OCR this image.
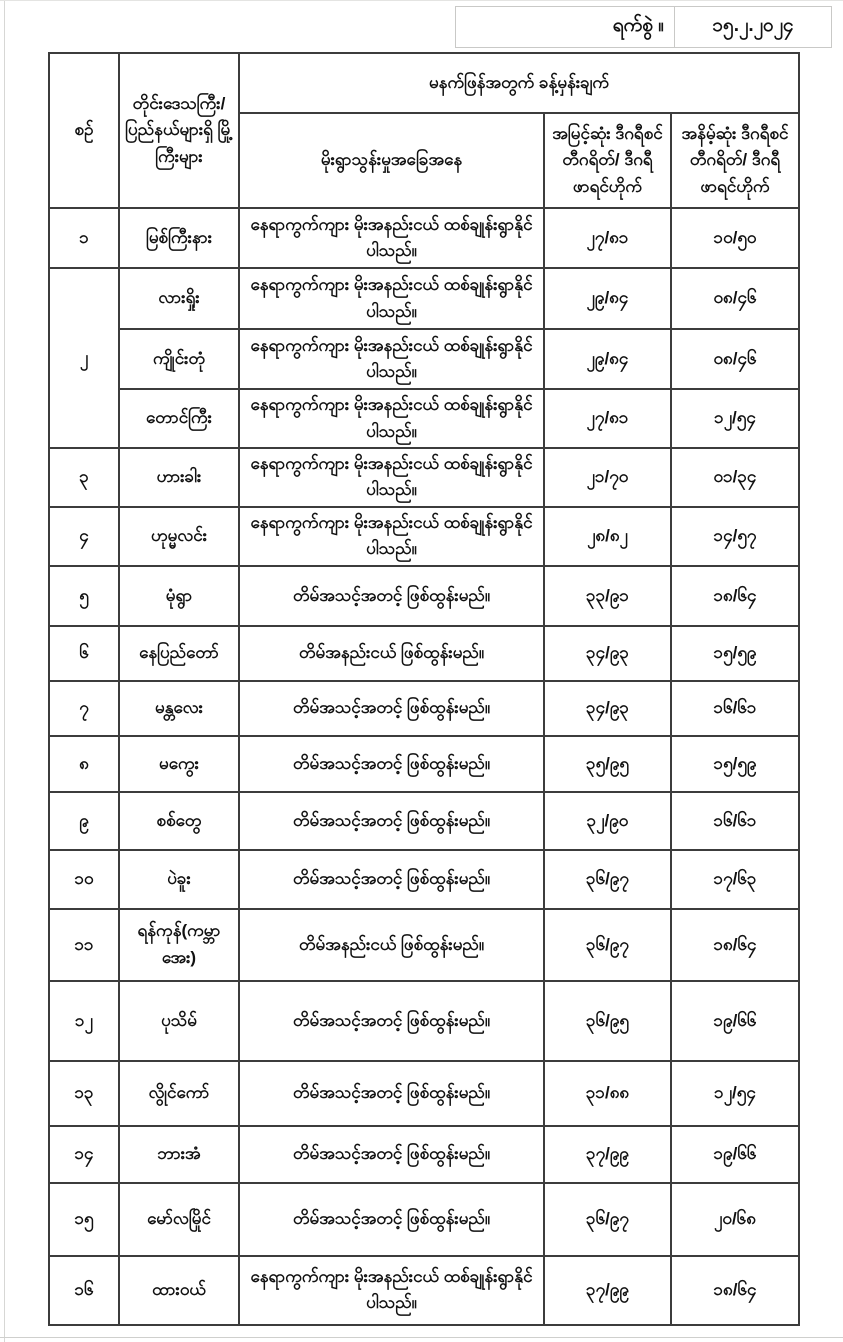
ရက်စွဲ ။	၁၅.၂.၂၀၂၄
စဉ်	တိုင်းဒေသကြီး/ ပြည်နယ်များရှိ မြို့ကြီးများ	မနက်ဖြန်အတွက် ခန့်မှန်းချက်		
		မိုးရွာသွန်းမှုအခြေအနေ	အမြင့်ဆုံး ဒီဂရီစင်တီဂရိတ်/ ဒီဂရီဖာရင်ဟိုက်	အနိမ့်ဆုံး ဒီဂရီစင်တီဂရိတ်/ ဒီဂရီဖာရင်ဟိုက်

၁	မြစ်ကြီးနား	နေရာကွက်ကျား မိုးအနည်းငယ် ထစ်ချုန်းရွာနိုင်ပါသည်။	၂၇/၈၁	၁၀/၅၀
၂	လားရှိုး	နေရာကွက်ကျား မိုးအနည်းငယ် ထစ်ချုန်းရွာနိုင်ပါသည်။	၂၉/၈၄	၀၈/၄၆
	ကျိုင်းတုံ	နေရာကွက်ကျား မိုးအနည်းငယ် ထစ်ချုန်းရွာနိုင်ပါသည်။	၂၉/၈၄	၀၈/၄၆
	တောင်ကြီး	နေရာကွက်ကျား မိုးအနည်းငယ် ထစ်ချုန်းရွာနိုင်ပါသည်။	၂၇/၈၁	၁၂/၅၄
၃	ဟားခါး	နေရာကွက်ကျား မိုးအနည်းငယ် ထစ်ချုန်းရွာနိုင်ပါသည်။	၂၁/၇၀	၀၁/၃၄
၄	ဟုမ္မလင်း	နေရာကွက်ကျား မိုးအနည်းငယ် ထစ်ချုန်းရွာနိုင်ပါသည်။	၂၈/၈၂	၁၄/၅၇
၅	မုံရွာ	တိမ်အသင့်အတင့် ဖြစ်ထွန်းမည်။	၃၃/၉၁	၁၈/၆၄
၆	နေပြည်တော်	တိမ်အနည်းငယ် ဖြစ်ထွန်းမည်။	၃၄/၉၃	၁၅/၅၉
၇	မန္တလေး	တိမ်အသင့်အတင့် ဖြစ်ထွန်းမည်။	၃၄/၉၃	၁၆/၆၁
၈	မကွေး	တိမ်အသင့်အတင့် ဖြစ်ထွန်းမည်။	၃၅/၉၅	၁၅/၅၉
၉	စစ်တွေ	တိမ်အသင့်အတင့် ဖြစ်ထွန်းမည်။	၃၂/၉၀	၁၆/၆၁
၁၀	ပဲခူး	တိမ်အသင့်အတင့် ဖြစ်ထွန်းမည်။	၃၆/၉၇	၁၇/၆၃
၁၁	ရန်ကုန်(ကမ္ဘာအေး)	တိမ်အနည်းငယ် ဖြစ်ထွန်းမည်။	၃၆/၉၇	၁၈/၆၄
၁၂	ပုသိမ်	တိမ်အသင့်အတင့် ဖြစ်ထွန်းမည်။	၃၆/၉၅	၁၉/၆၆
၁၃	လွိုင်ကော်	တိမ်အသင့်အတင့် ဖြစ်ထွန်းမည်။	၃၁/၈၈	၁၂/၅၄
၁၄	ဘားအံ	တိမ်အသင့်အတင့် ဖြစ်ထွန်းမည်။	၃၇/၉၉	၁၉/၆၆
၁၅	မော်လမြိုင်	တိမ်အသင့်အတင့် ဖြစ်ထွန်းမည်။	၃၆/၉၇	၂၀/၆၈
၁၆	ထားဝယ်	နေရာကွက်ကျား မိုးအနည်းငယ် ထစ်ချုန်းရွာနိုင်ပါသည်။	၃၇/၉၉	၁၈/၆၄
